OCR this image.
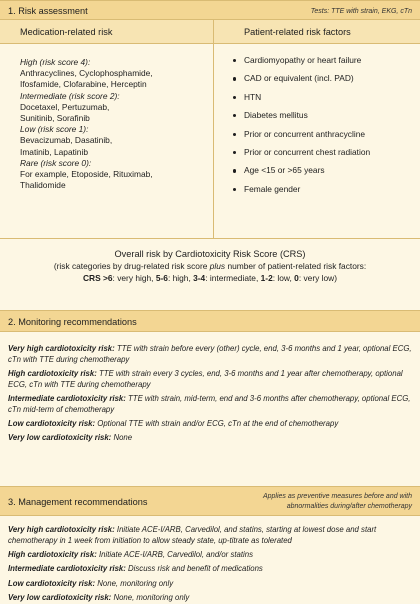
1. Risk assessment	Tests: TTE with strain, EKG, cTn
Medication-related risk	Patient-related risk factors
High (risk score 4):
Anthracyclines, Cyclophosphamide,
Ifosfamide, Clofarabine, Herceptin
Intermediate (risk score 2):
Docetaxel, Pertuzumab,
Sunitinib, Sorafinib
Low (risk score 1):
Bevacizumab, Dasatinib,
Imatinib, Lapatinib
Rare (risk score 0):
For example, Etoposide, Rituximab,
Thalidomide
Cardiomyopathy or heart failure
CAD or equivalent (incl. PAD)
HTN
Diabetes mellitus
Prior or concurrent anthracycline
Prior or concurrent chest radiation
Age <15 or >65 years
Female gender
Overall risk by Cardiotoxicity Risk Score (CRS)
(risk categories by drug-related risk score plus number of patient-related risk factors:
CRS >6: very high, 5-6: high, 3-4: intermediate, 1-2: low, 0: very low)
2. Monitoring recommendations

Very high cardiotoxicity risk: TTE with strain before every (other) cycle, end, 3-6 months and 1 year, optional ECG, cTn with TTE during chemotherapy

High cardiotoxicity risk: TTE with strain every 3 cycles, end, 3-6 months and 1 year after chemotherapy, optional ECG, cTn with TTE during chemotherapy

Intermediate cardiotoxicity risk: TTE with strain, mid-term, end and 3-6 months after chemotherapy, optional ECG, cTn mid-term of chemotherapy

Low cardiotoxicity risk: Optional TTE with strain and/or ECG, cTn at the end of chemotherapy

Very low cardiotoxicity risk: None

3. Management recommendations
Applies as preventive measures before and with abnormalities during/after chemotherapy

Very high cardiotoxicity risk: Initiate ACE-I/ARB, Carvedilol, and statins, starting at lowest dose and start chemotherapy in 1 week from initiation to allow steady state, up-titrate as tolerated

High cardiotoxicity risk: Initiate ACE-I/ARB, Carvedilol, and/or statins

Intermediate cardiotoxicity risk: Discuss risk and benefit of medications

Low cardiotoxicity risk: None, monitoring only

Very low cardiotoxicity risk: None, monitoring only
